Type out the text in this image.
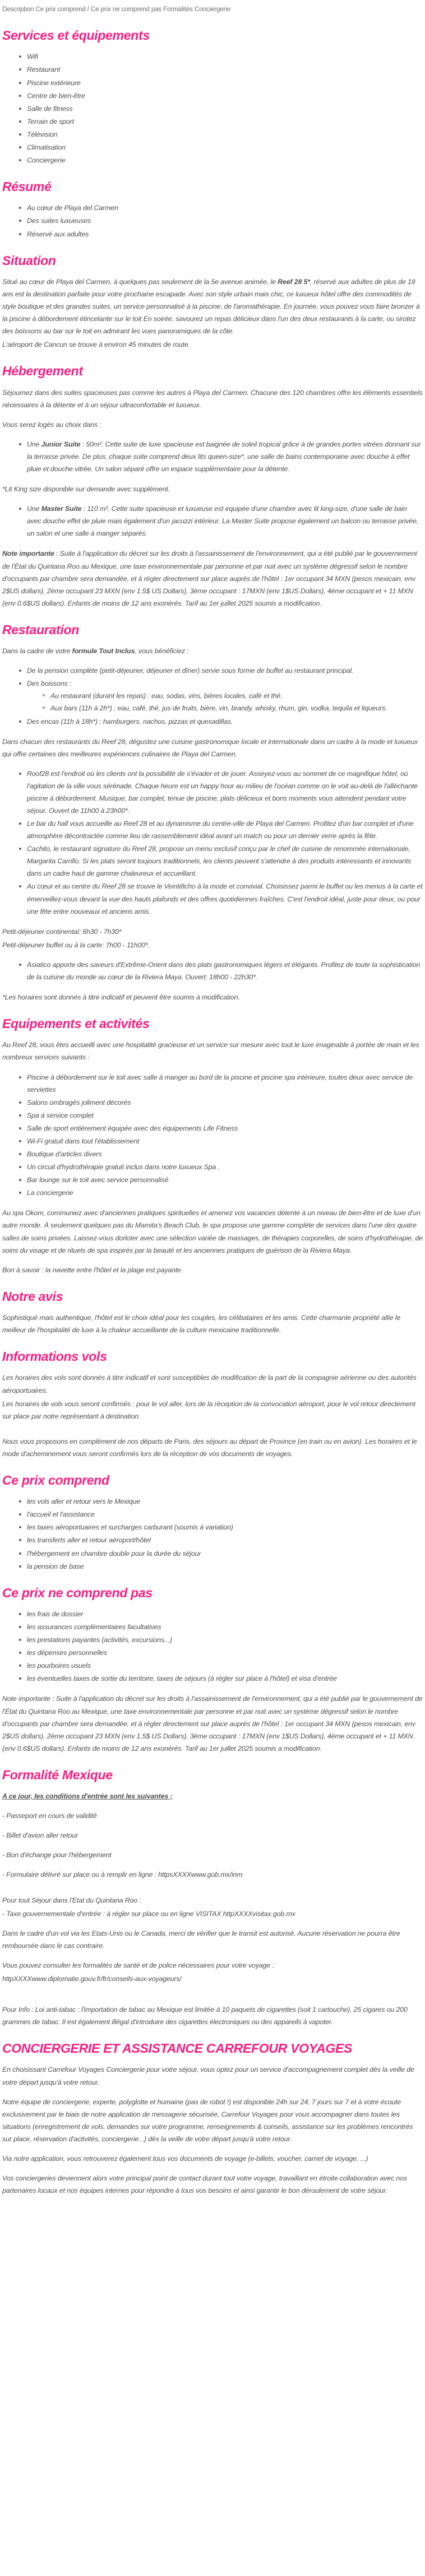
Description Ce prix comprend / Ce prix ne comprend pas Formalités Conciergerie
Services et équipements
Wifi
Restaurant
Piscine extérieure
Centre de bien-être
Salle de fitness
Terrain de sport
Télévision
Climatisation
Conciergerie
Résumé
Au cœur de Playa del Carmen
Des suites luxueuses
Réservé aux adultes
Situation

Situé au cœur de Playa del Carmen, à quelques pas seulement de la 5e avenue animée, le Reef 28 5*, réservé aux adultes de plus de 18 ans est la destination parfaite pour votre prochaine escapade. Avec son style urbain mais chic, ce luxueux hôtel offre des commodités de style boutique et des grandes suites, un service personnalisé à la piscine, de l'aromathérapie. En journée, vous pouvez vous faire bronzer à la piscine à débordement étincelante sur le toit En soirée, savourez un repas délicieux dans l'un des deux restaurants à la carte, ou sirotez des boissons au bar sur le toit en admirant les vues panoramiques de la côte.

L'aéroport de Cancun se trouve à environ 45 minutes de route.

Hébergement

Séjournez dans des suites spacieuses pas comme les autres à Playa del Carmen. Chacune des 120 chambres offre les éléments essentiels nécessaires à la détente et à un séjour ultraconfortable et luxueux.

Vous serez logés au choix dans :

Une Junior Suite : 50m². Cette suite de luxe spacieuse est baignée de soleil tropical grâce à de grandes portes vitrées donnant sur la terrasse privée. De plus, chaque suite comprend deux lits queen-size*, une salle de bains contemporaine avec douche à effet pluie et douche vitrée. Un salon séparé offre un espace supplémentaire pour la détente.

*Lit King size disponible sur demande avec supplément.

Une Master Suite : 110 m². Cette suite spacieuse et luxueuse est equipée d'une chambre avec lit king-size, d'une salle de bain avec douche effet de pluie mais également d'un jacuzzi intérieur. La Master Suite propose également un balcon ou terrasse privée, un salon et une salle à manger séparés.

Note importante : Suite à l'application du décret sur les droits à l'assainissement de l'environnement, qui a été publié par le gouvernement de l'État du Quintana Roo au Mexique, une taxe environnementale par personne et par nuit avec un système dégressif selon le nombre d'occupants par chambre sera demandée, et à régler directement sur place auprès de l'hôtel : 1er occupant 34 MXN (pesos mexicain, env 2$US dollars), 2ème occupant 23 MXN (env 1.5$ US Dollars), 3ème occupant : 17MXN (env 1$US Dollars), 4ème occupant et + 11 MXN (env 0.6$US dollars). Enfants de moins de 12 ans exonérés. Tarif au 1er juillet 2025 soumis a modification.

Restauration

Dans la cadre de votre formule Tout Inclus, vous bénéficiez :

De la pension complète (petit-déjeuner, déjeuner et dîner) servie sous forme de buffet au restaurant principal.
Des boissons :
Au restaurant (durant les repas) : eau, sodas, vins, bières locales, café et thé.
Aux bars (11h à 2h*) : eau, café, thé, jus de fruits, bière, vin, brandy, whisky, rhum, gin, vodka, tequila et liqueurs.
Des encas (11h à 18h*) : hamburgers, nachos, pizzas et quesadillas.

Dans chacun des restaurants du Reef 28, dégustez une cuisine gastronomique locale et internationale dans un cadre à la mode et luxueux qui offre certaines des meilleures expériences culinaires de Playa del Carmen.

Roof28 est l'endroit où les clients ont la possibilité de s'évader et de jouer. Asseyez-vous au sommet de ce magnifique hôtel, où l'agitation de la ville vous sérénade. Chaque heure est un happy hour au milieu de l'océan comme on le voit au-delà de l'alléchante piscine à débordement. Musique, bar complet, tenue de piscine, plats délicieux et bons moments vous attendent pendant votre séjour. Ouvert de 11h00 à 23h00*.
Le bar du hall vous accueille au Reef 28 et au dynamisme du centre-ville de Playa del Carmen. Profitez d'un bar complet et d'une atmosphère décontractée comme lieu de rassemblement idéal avant un match ou pour un dernier verre après la fête.
Cachito, le restaurant signature du Reef 28, propose un menu exclusif conçu par le chef de cuisine de renommée internationale, Margarita Carrillo. Si les plats seront toujours traditionnels, les clients peuvent s'attendre à des produits intéressants et innovants dans un cadre haut de gamme chaleureux et accueillant.
Au cœur et au centre du Reef 28 se trouve le Veinti8cho à la mode et convivial. Choisissez parmi le buffet ou les menus à la carte et émerveillez-vous devant la vue des hauts plafonds et des offres quotidiennes fraîches. C'est l'endroit idéal, juste pour deux, ou pour une fête entre nouveaux et anciens amis.

Petit-déjeuner continental: 6h30 - 7h30*

Petit-déjeuner buffet ou à la carte: 7h00 - 11h00*.

Asiatico apporte des saveurs d'Extrême-Orient dans des plats gastronomiques légers et élégants. Profitez de toute la sophistication de la cuisine du monde au cœur de la Riviera Maya. Ouvert: 18h00 - 22h30*.

*Les horaires sont donnés à titre indicatif et peuvent être soumis à modification.

Equipements et activités

Au Reef 28, vous êtes accueilli avec une hospitalité gracieuse et un service sur mesure avec tout le luxe imaginable à portée de main et les nombreux services suivants :

Piscine à débordement sur le toit avec salle à manger au bord de la piscine et piscine spa intérieure, toutes deux avec service de serviettes
Salons ombragés joliment décorés
Spa à service complet
Salle de sport entièrement équipée avec des équipements Life Fitness
Wi-Fi gratuit dans tout l'établissement
Boutique d'articles divers
Un circuit d'hydrothérapie gratuit inclus dans notre luxueux Spa .
Bar lounge sur le toit avec service personnalisé
La conciergerie

Au spa Okom, communiez avec d'anciennes pratiques spirituelles et amenez vos vacances détente à un niveau de bien-être et de luxe d'un autre monde. À seulement quelques pas du Mamita's Beach Club, le spa propose une gamme complète de services dans l'une des quatre salles de soins privées. Laissez-vous dorloter avec une sélection variée de massages, de thérapies corporelles, de soins d'hydrothérapie, de soins du visage et de rituels de spa inspirés par la beauté et les anciennes pratiques de guérison de la Riviera Maya.

Bon à savoir : la navette entre l'hôtel et la plage est payante.

Notre avis

Sophistiqué mais authentique, l'hôtel est le choix idéal pour les couples, les célibataires et les amis. Cette charmante propriété allie le meilleur de l'hospitalité de luxe à la chaleur accueillante de la culture mexicaine traditionnelle.

Informations vols

Les horaires des vols sont donnés à titre indicatif et sont susceptibles de modification de la part de la compagnie aérienne ou des autorités aéroportuaires.

Les horaires de vols vous seront confirmés : pour le vol aller, lors de la réception de la convocation aéroport, pour le vol retour directement sur place par notre représentant à destination.

Nous vous proposons en complément de nos départs de Paris, des séjours au départ de Province (en train ou en avion). Les horaires et le mode d'acheminement vous seront confirmés lors de la réception de vos documents de voyages.

Ce prix comprend
les vols aller et retour vers le Mexique
l'accueil et l'assistance
les taxes aéroportuaires et surcharges carburant (soumis à variation)
les transferts aller et retour aéroport/hôtel
l'hébergement en chambre double pour la durée du séjour
la pension de base
Ce prix ne comprend pas
les frais de dossier
les assurances complémentaires facultatives
les prestations payantes (activités, excursions...)
les dépenses personnelles
les pourboires usuels
les éventuelles taxes de sortie du territoire, taxes de séjours (à régler sur place à l'hôtel) et visa d'entrée

Note importante : Suite à l'application du décret sur les droits à l'assainissement de l'environnement, qui a été publié par le gouvernement de l'État du Quintana Roo au Mexique, une taxe environnementale par personne et par nuit avec un système dégressif selon le nombre d'occupants par chambre sera demandée, et à régler directement sur place auprès de l'hôtel : 1er occupant 34 MXN (pesos mexicain, env 2$US dollars), 2ème occupant 23 MXN (env 1.5$ US Dollars), 3ème occupant : 17MXN (env 1$US Dollars), 4ème occupant et + 11 MXN (env 0.6$US dollars). Enfants de moins de 12 ans exonérés. Tarif au 1er juillet 2025 soumis a modification.

Formalité Mexique

A ce jour, les conditions d'entrée sont les suivantes ;

- Passeport en cours de validité

- Billet d'avion aller retour

- Bon d'échange pour l'hébergement

- Formulaire délivré sur place ou à remplir en ligne : httpsXXXXwww.gob.mx/inm

Pour tout Séjour dans l'Etat du Quintana Roo :

- Taxe gouvernementale d'entrée : à régler sur place ou en ligne VISITAX httpXXXXvisitax.gob.mx

Dans le cadre d'un vol via les Etats-Unis ou le Canada, merci de vérifier que le transit est autorisé. Aucune réservation ne pourra être remboursée dans le cas contraire.

Vous pouvez consulter les formalités de santé et de police nécessaires pour votre voyage :

httpXXXXwww.diplomatie.gouv.fr/fr/conseils-aux-voyageurs/

Pour Info : Loi anti-tabac : l'importation de tabac au Mexique est limitée à 10 paquets de cigarettes (soit 1 cartouche), 25 cigares ou 200 grammes de tabac. Il est également illégal d'introduire des cigarettes électroniques ou des appareils à vapoter.

CONCIERGERIE ET ASSISTANCE CARREFOUR VOYAGES

En choisissant Carrefour Voyages Conciergerie pour votre séjour, vous optez pour un service d'accompagnement complet dès la veille de votre départ jusqu'à votre retour.

Notre équipe de conciergerie, experte, polyglotte et humaine (pas de robot !) est disponible 24h sur 24, 7 jours sur 7 et à votre écoute exclusivement par le biais de notre application de messagerie sécurisée, Carrefour Voyages pour vous accompagner dans toutes les situations (enregistrement de vols, demandes sur votre programme, renseignements & conseils, assistance sur les problèmes rencontrés sur place, réservation d'activités, conciergerie...) dès la veille de votre départ jusqu'à votre retour.

Via notre application, vous retrouverez également tous vos documents de voyage (e-billets, voucher, carnet de voyage, ...)

Vos conciergeries deviennent alors votre principal point de contact durant tout votre voyage, travaillant en étroite collaboration avec nos partenaires locaux et nos équipes internes pour répondre à tous vos besoins et ainsi garantir le bon déroulement de votre séjour.
